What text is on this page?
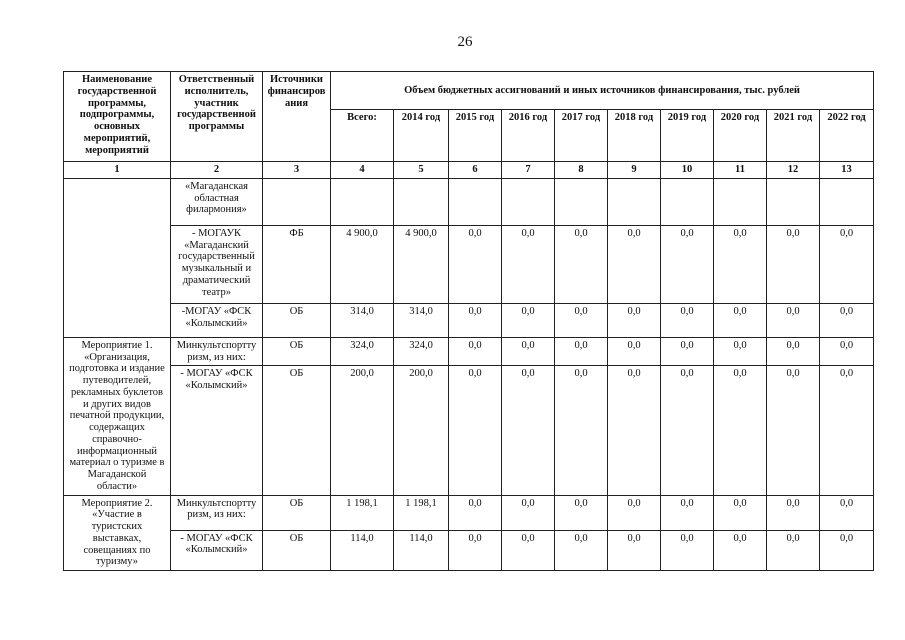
26
Наименование государственной программы, подпрограммы, основных мероприятий, мероприятий	Ответственный исполнитель, участник государственной программы	Источники финансиров ания	Объем бюджетных ассигнований и иных источников финансирования, тыс. рублей									
			Всего:	2014 год	2015 год	2016 год	2017 год	2018 год	2019 год	2020 год	2021 год	2022 год
1	2	3	4	5	6	7	8	9	10	11	12	13
	«Магаданская областная филармония»											
	- МОГАУК «Магаданский государственный музыкальный и драматический театр»	ФБ	4 900,0	4 900,0	0,0	0,0	0,0	0,0	0,0	0,0	0,0	0,0
	-МОГАУ «ФСК «Колымский»	ОБ	314,0	314,0	0,0	0,0	0,0	0,0	0,0	0,0	0,0	0,0
Мероприятие 1. «Организация, подготовка и издание путеводителей, рекламных буклетов и других видов печатной продукции, содержащих справочно-информационный материал о туризме в Магаданской области»	Минкультспортту ризм, из них:	ОБ	324,0	324,0	0,0	0,0	0,0	0,0	0,0	0,0	0,0	0,0
	- МОГАУ «ФСК «Колымский»	ОБ	200,0	200,0	0,0	0,0	0,0	0,0	0,0	0,0	0,0	0,0
Мероприятие 2. «Участие в туристских выставках, совещаниях по туризму»	Минкультспортту ризм, из них:	ОБ	1 198,1	1 198,1	0,0	0,0	0,0	0,0	0,0	0,0	0,0	0,0
	- МОГАУ «ФСК «Колымский»	ОБ	114,0	114,0	0,0	0,0	0,0	0,0	0,0	0,0	0,0	0,0
